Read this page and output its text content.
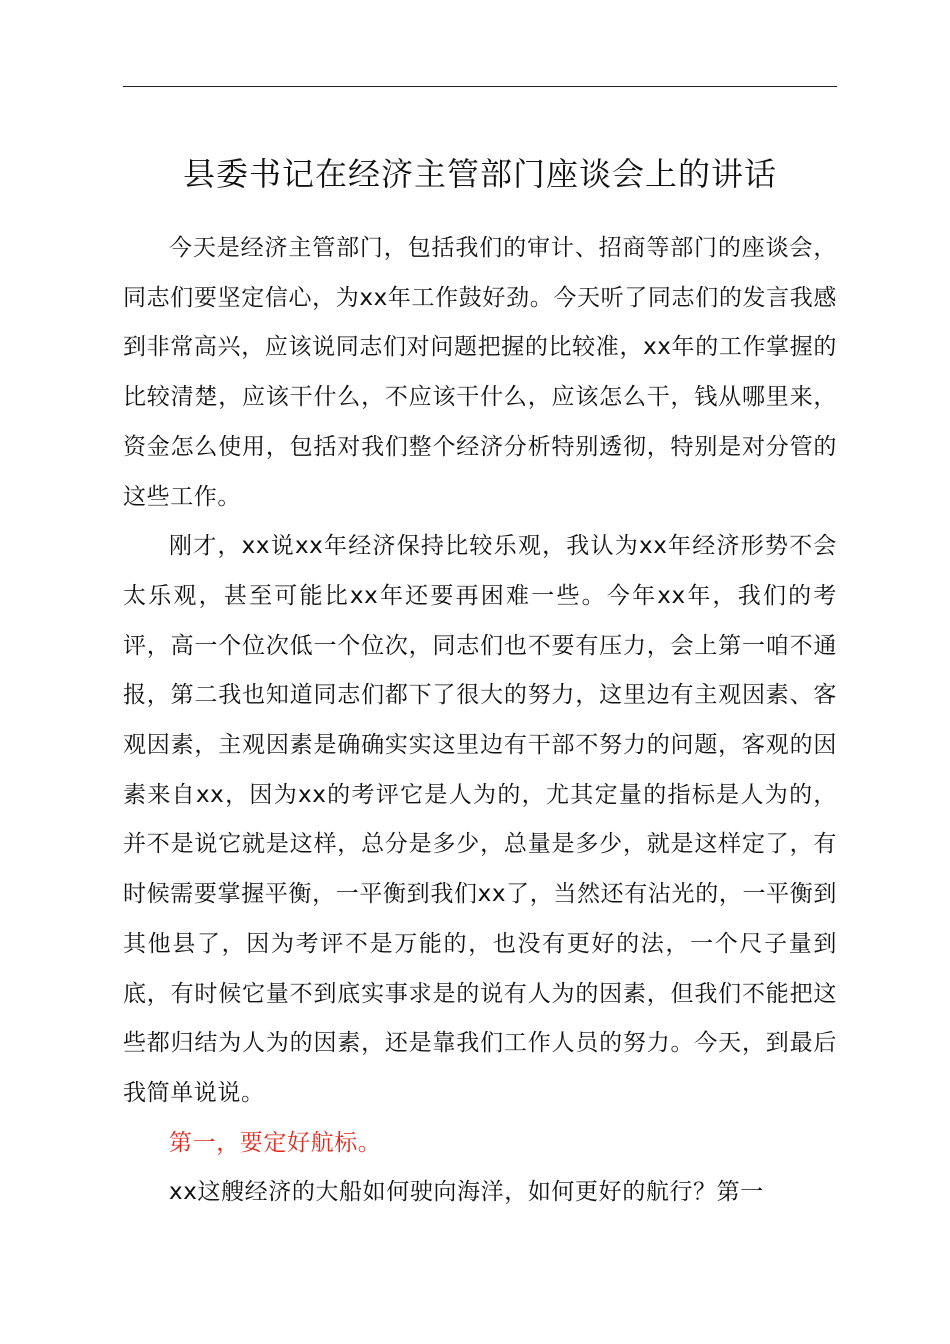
县委书记在经济主管部门座谈会上的讲话

今天是经济主管部门，包括我们的审计、招商等部门的座谈会，同志们要坚定信心，为xx年工作鼓好劲。今天听了同志们的发言我感到非常高兴，应该说同志们对问题把握的比较准，xx年的工作掌握的比较清楚，应该干什么，不应该干什么，应该怎么干，钱从哪里来，资金怎么使用，包括对我们整个经济分析特别透彻，特别是对分管的这些工作。

刚才，xx说xx年经济保持比较乐观，我认为xx年经济形势不会太乐观，甚至可能比xx年还要再困难一些。今年xx年，我们的考评，高一个位次低一个位次，同志们也不要有压力，会上第一咱不通报，第二我也知道同志们都下了很大的努力，这里边有主观因素、客观因素，主观因素是确确实实这里边有干部不努力的问题，客观的因素来自xx，因为xx的考评它是人为的，尤其定量的指标是人为的，并不是说它就是这样，总分是多少，总量是多少，就是这样定了，有时候需要掌握平衡，一平衡到我们xx了，当然还有沾光的，一平衡到其他县了，因为考评不是万能的，也没有更好的法，一个尺子量到底，有时候它量不到底实事求是的说有人为的因素，但我们不能把这些都归结为人为的因素，还是靠我们工作人员的努力。今天，到最后我简单说说。

第一，要定好航标。

xx这艘经济的大船如何驶向海洋，如何更好的航行？第一
